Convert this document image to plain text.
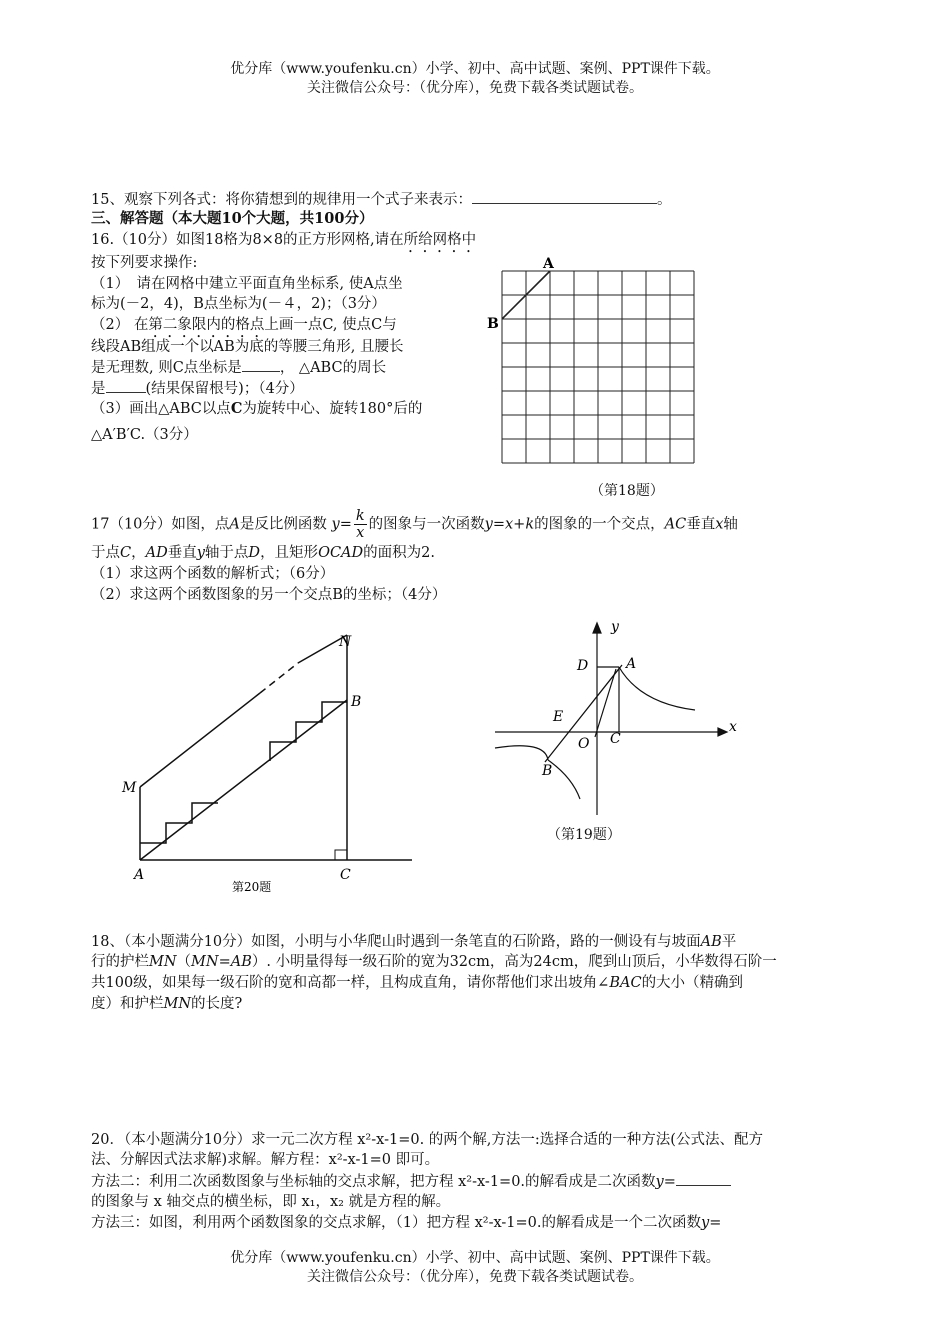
优分库（www.youfenku.cn）小学、初中、高中试题、案例、PPT课件下载。
关注微信公众号：（优分库），免费下载各类试题试卷。
15、观察下列各式：将你猜想到的规律用一个式子来表示：	。
三、解答题（本大题10个大题，共100分）
16.（10分）如图18格为8×8的正方形网格,请在所给网格中
按下列要求操作:
（1）　请在网格中建立平面直角坐标系, 使A点坐
标为(－2，4)，B点坐标为(－４，2)；（3分）
（2） 在第二象限内的格点上画一点C, 使点C与
线段AB组成一个以AB为底的等腰三角形, 且腰长
是无理数, 则C点坐标是	， △ABC的周长
是	(结果保留根号)；（4分）
（3）画出△ABC以点C为旋转中心、旋转180°后的
△A′B′C.（3分）
A
B
（第18题）
17（10分）如图，点A是反比例函数 $y= \frac{k}{x}$ 的图象与一次函数y=x+k的图象的一个交点，AC垂直x轴
于点C，AD垂直y轴于点D，且矩形OCAD的面积为2.
（1）求这两个函数的解析式；（6分）
（2）求这两个函数图象的另一个交点B的坐标；（4分）
N
B
M
A	C
第20题
y
x
D	A
E
O C
B
（第19题）
18、（本小题满分10分）如图，小明与小华爬山时遇到一条笔直的石阶路，路的一侧设有与坡面AB平
行的护栏MN（MN=AB）. 小明量得每一级石阶的宽为32cm，高为24cm，爬到山顶后，小华数得石阶一
共100级，如果每一级石阶的宽和高都一样，且构成直角，请你帮他们求出坡角∠BAC的大小（精确到
度）和护栏MN的长度?
20．（本小题满分10分）求一元二次方程 x²-x-1=0. 的两个解,方法一:选择合适的一种方法(公式法、配方
法、分解因式法求解)求解。解方程：x²-x-1=0 即可。
方法二：利用二次函数图象与坐标轴的交点求解，把方程 x²-x-1=0.的解看成是二次函数y=
的图象与 x 轴交点的横坐标，即 x₁，x₂ 就是方程的解。
方法三：如图，利用两个函数图象的交点求解，（1）把方程 x²-x-1=0.的解看成是一个二次函数y=
优分库（www.youfenku.cn）小学、初中、高中试题、案例、PPT课件下载。
关注微信公众号：（优分库），免费下载各类试题试卷。
